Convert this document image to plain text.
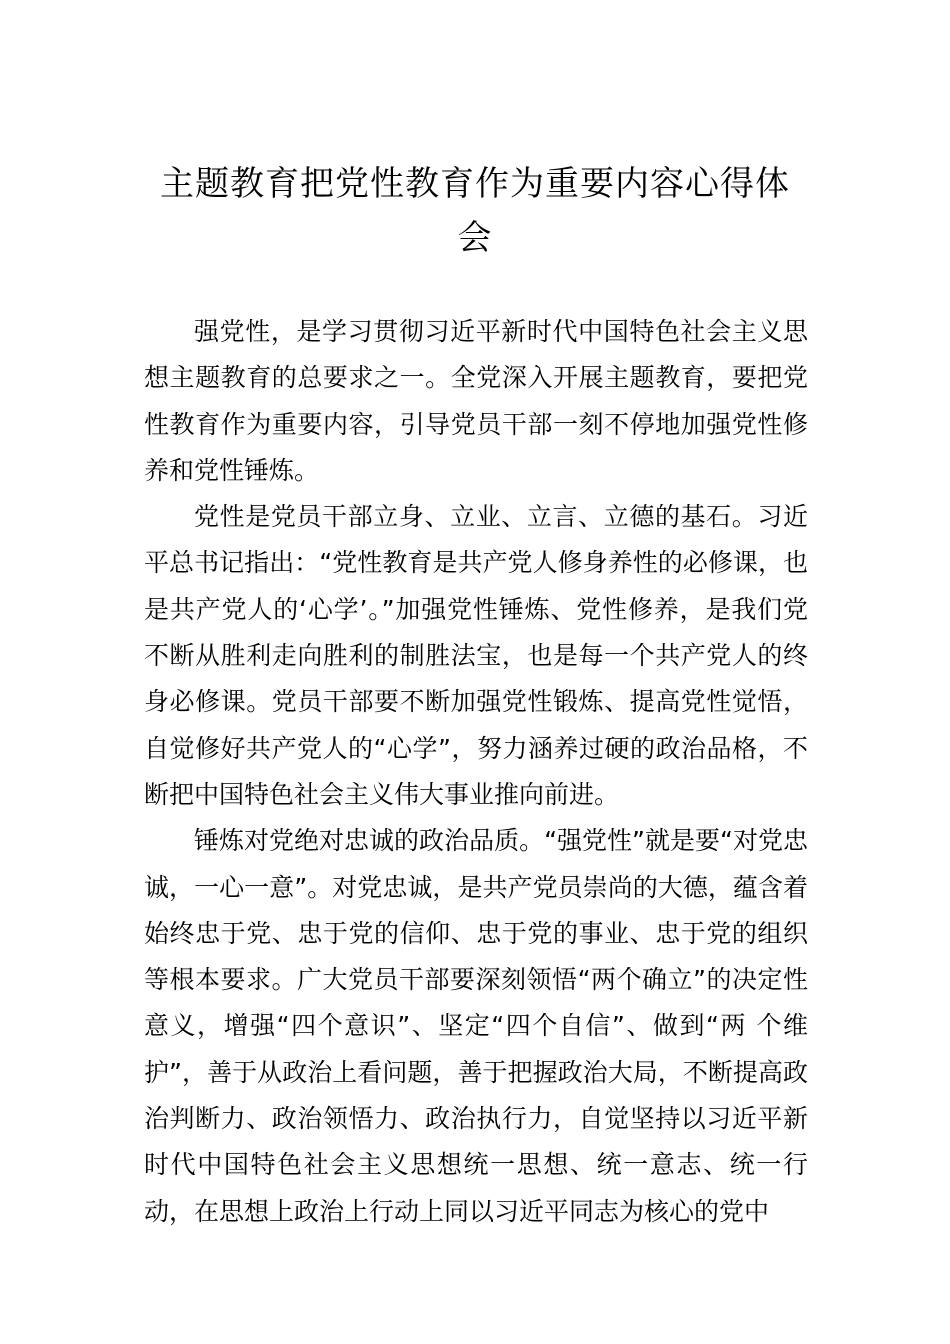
主题教育把党性教育作为重要内容心得体会

强党性，是学习贯彻习近平新时代中国特色社会主义思想主题教育的总要求之一。全党深入开展主题教育，要把党性教育作为重要内容，引导党员干部一刻不停地加强党性修养和党性锤炼。

党性是党员干部立身、立业、立言、立德的基石。习近平总书记指出：“党性教育是共产党人修身养性的必修课，也是共产党人的‘心学’。”加强党性锤炼、党性修养，是我们党不断从胜利走向胜利的制胜法宝，也是每一个共产党人的终身必修课。党员干部要不断加强党性锻炼、提高党性觉悟， 自觉修好共产党人的“心学”，努力涵养过硬的政治品格，不断把中国特色社会主义伟大事业推向前进。

锤炼对党绝对忠诚的政治品质。“强党性”就是要“对党忠诚，一心一意”。对党忠诚，是共产党员崇尚的大德，蕴含着始终忠于党、忠于党的信仰、忠于党的事业、忠于党的组织等根本要求。广大党员干部要深刻领悟“两个确立”的决定性意义，增强“四个意识”、坚定“四个自信”、做到“两 个维护”，善于从政治上看问题，善于把握政治大局，不断提高政治判断力、政治领悟力、政治执行力，自觉坚持以习近平新时代中国特色社会主义思想统一思想、统一意志、统一行动，在思想上政治上行动上同以习近平同志为核心的党中
